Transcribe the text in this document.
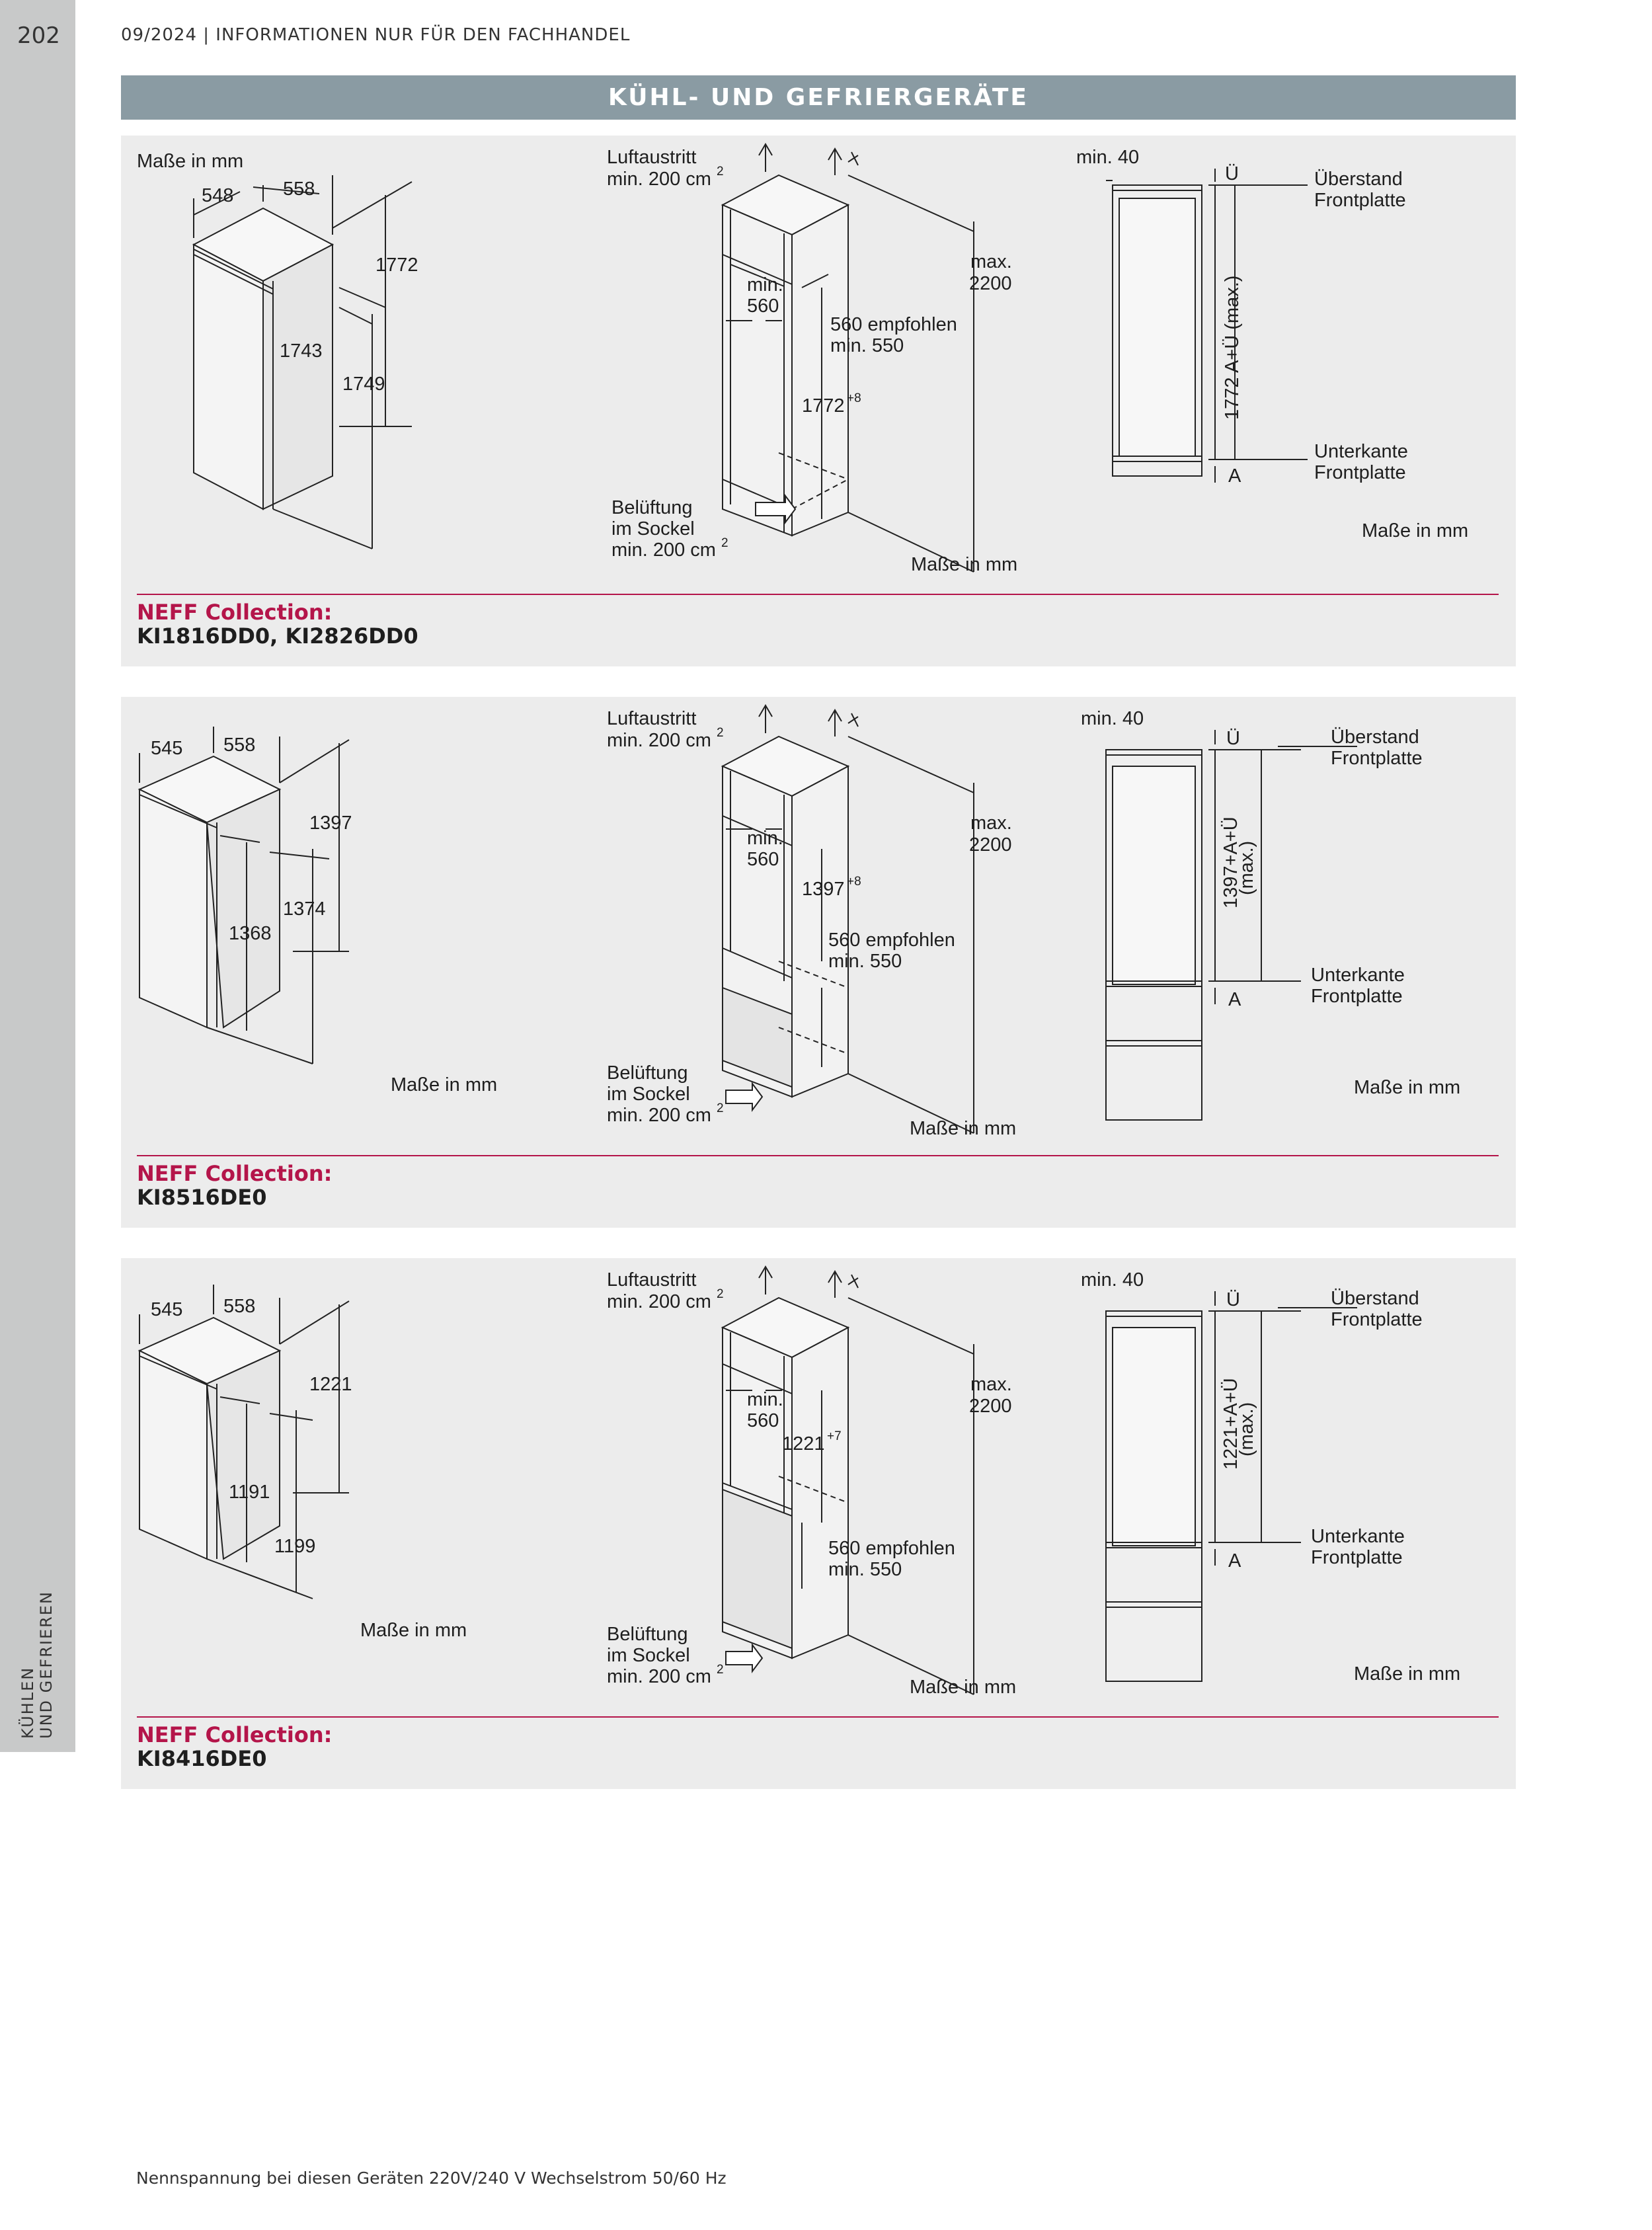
202
KÜHLEN UND GEFRIEREN
09/2024 | INFORMATIONEN NUR FÜR DEN FACHHANDEL
KÜHL- UND GEFRIERGERÄTE
Maße in mm
548	558
1772
1743
1749
Luftaustritt
min. 200 cm 2
max.
2200
min.
560
560 empfohlen
min. 550
1772 +8
Belüftung
im Sockel
min. 200 cm 2
Maße in mm
min. 40
Ü	Überstand
Frontplatte
1772 A+Ü (max.)
Unterkante
Frontplatte
A
Maße in mm
NEFF Collection:
KI1816DD0, KI2826DD0
545 558
1397
1368
1374
Maße in mm
Luftaustritt
min. 200 cm 2
max.
2200
min.
560
1397 +8
560 empfohlen
min. 550
Belüftung
im Sockel
min. 200 cm 2
Maße in mm
min. 40
Ü	Überstand
Frontplatte
1397+A+Ü
(max.)
Unterkante
Frontplatte
A
Maße in mm
NEFF Collection:
KI8516DE0
545 558
1221
1191
1199
Maße in mm
Luftaustritt
min. 200 cm 2
max.
2200
min.
560
1221 +7
560 empfohlen
min. 550
Belüftung
im Sockel
min. 200 cm 2
Maße in mm
min. 40
Ü	Überstand
Frontplatte
1221+A+Ü
(max.)
Unterkante
Frontplatte
A
Maße in mm
NEFF Collection:
KI8416DE0
Nennspannung bei diesen Geräten 220V/240 V Wechselstrom 50/60 Hz
